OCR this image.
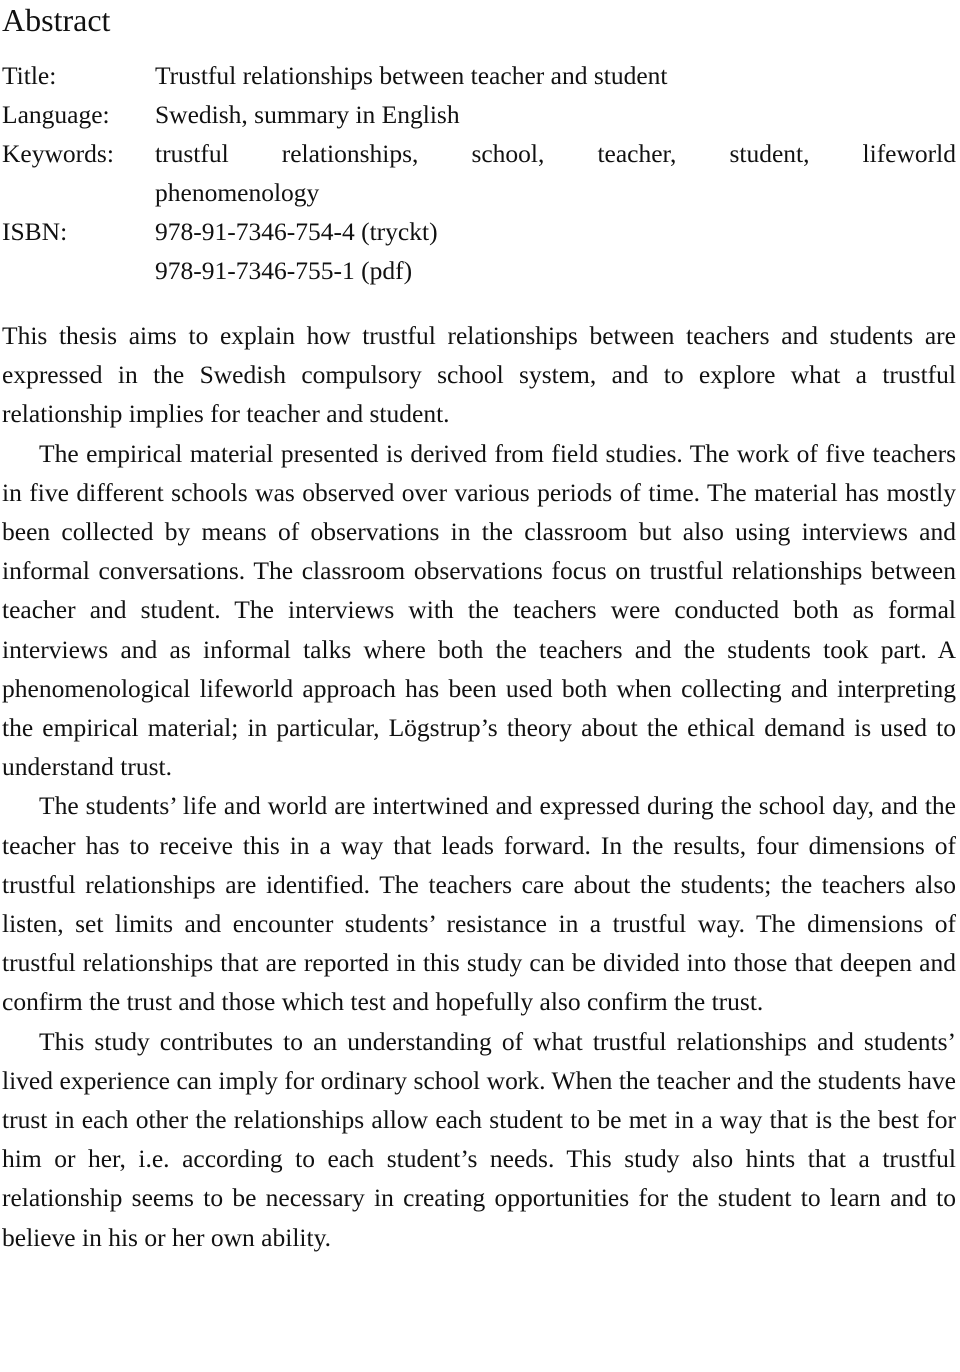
Abstract
Title:	Trustful relationships between teacher and student
Language:	Swedish, summary in English
Keywords:	trustful relationships, school, teacher, student, lifeworld
phenomenology
ISBN:	978-91-7346-754-4 (tryckt)
978-91-7346-755-1 (pdf)

This thesis aims to explain how trustful relationships between teachers and students are expressed in the Swedish compulsory school system, and to explore what a trustful relationship implies for teacher and student.

The empirical material presented is derived from field studies. The work of five teachers in five different schools was observed over various periods of time. The material has mostly been collected by means of observations in the classroom but also using interviews and informal conversations. The classroom observations focus on trustful relationships between teacher and student. The interviews with the teachers were conducted both as formal interviews and as informal talks where both the teachers and the students took part. A phenomenological lifeworld approach has been used both when collecting and interpreting the empirical material; in particular, Lögstrup’s theory about the ethical demand is used to understand trust.

The students’ life and world are intertwined and expressed during the school day, and the teacher has to receive this in a way that leads forward. In the results, four dimensions of trustful relationships are identified. The teachers care about the students; the teachers also listen, set limits and encounter students’ resistance in a trustful way. The dimensions of trustful relationships that are reported in this study can be divided into those that deepen and confirm the trust and those which test and hopefully also confirm the trust.

This study contributes to an understanding of what trustful relationships and students’ lived experience can imply for ordinary school work. When the teacher and the students have trust in each other the relationships allow each student to be met in a way that is the best for him or her, i.e. according to each student’s needs. This study also hints that a trustful relationship seems to be necessary in creating opportunities for the student to learn and to believe in his or her own ability.
